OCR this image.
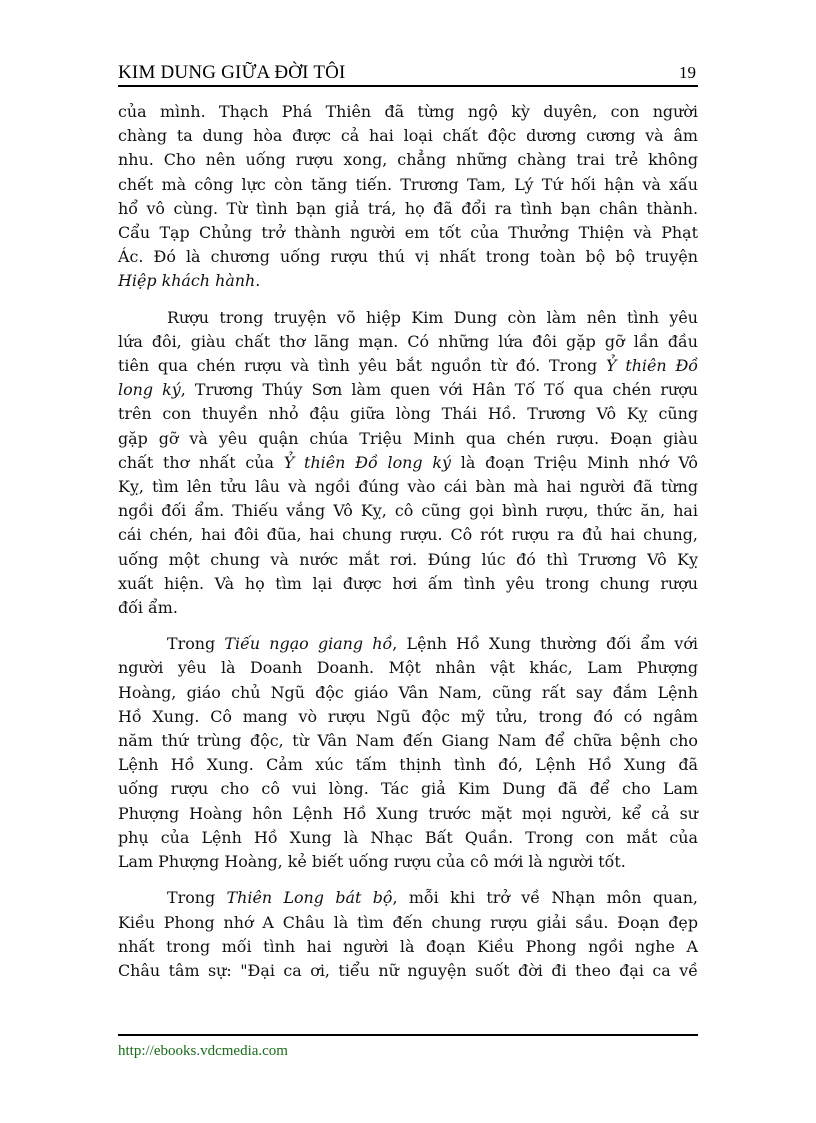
KIM DUNG GIỮA ĐỜI TÔI	19
của mình. Thạch Phá Thiên đã từng ngộ kỳ duyên, con người
chàng ta dung hòa được cả hai loại chất độc dương cương và âm
nhu. Cho nên uống rượu xong, chẳng những chàng trai trẻ không
chết mà công lực còn tăng tiến. Trương Tam, Lý Tứ hối hận và xấu
hổ vô cùng. Từ tình bạn giả trá, họ đã đổi ra tình bạn chân thành.
Cẩu Tạp Chủng trở thành người em tốt của Thưởng Thiện và Phạt
Ác. Đó là chương uống rượu thú vị nhất trong toàn bộ bộ truyện
Hiệp khách hành.
Rượu trong truyện võ hiệp Kim Dung còn làm nên tình yêu
lứa đôi, giàu chất thơ lãng mạn. Có những lứa đôi gặp gỡ lần đầu
tiên qua chén rượu và tình yêu bắt nguồn từ đó. Trong Ỷ thiên Đồ
long ký, Trương Thúy Sơn làm quen với Hân Tố Tố qua chén rượu
trên con thuyền nhỏ đậu giữa lòng Thái Hồ. Trương Vô Kỵ cũng
gặp gỡ và yêu quận chúa Triệu Minh qua chén rượu. Đoạn giàu
chất thơ nhất của Ỷ thiên Đồ long ký là đoạn Triệu Minh nhớ Vô
Kỵ, tìm lên tửu lâu và ngồi đúng vào cái bàn mà hai người đã từng
ngồi đối ẩm. Thiếu vắng Vô Kỵ, cô cũng gọi bình rượu, thức ăn, hai
cái chén, hai đôi đũa, hai chung rượu. Cô rót rượu ra đủ hai chung,
uống một chung và nước mắt rơi. Đúng lúc đó thì Trương Vô Kỵ
xuất hiện. Và họ tìm lại được hơi ấm tình yêu trong chung rượu
đối ẩm.
Trong Tiếu ngạo giang hồ, Lệnh Hồ Xung thường đối ẩm với
người yêu là Doanh Doanh. Một nhân vật khác, Lam Phượng
Hoàng, giáo chủ Ngũ độc giáo Vân Nam, cũng rất say đắm Lệnh
Hồ Xung. Cô mang vò rượu Ngũ độc mỹ tửu, trong đó có ngâm
năm thứ trùng độc, từ Vân Nam đến Giang Nam để chữa bệnh cho
Lệnh Hồ Xung. Cảm xúc tấm thịnh tình đó, Lệnh Hồ Xung đã
uống rượu cho cô vui lòng. Tác giả Kim Dung đã để cho Lam
Phượng Hoàng hôn Lệnh Hồ Xung trước mặt mọi người, kể cả sư
phụ của Lệnh Hồ Xung là Nhạc Bất Quần. Trong con mắt của
Lam Phượng Hoàng, kẻ biết uống rượu của cô mới là người tốt.
Trong Thiên Long bát bộ, mỗi khi trở về Nhạn môn quan,
Kiều Phong nhớ A Châu là tìm đến chung rượu giải sầu. Đoạn đẹp
nhất trong mối tình hai người là đoạn Kiều Phong ngồi nghe A
Châu tâm sự: "Đại ca ơi, tiểu nữ nguyện suốt đời đi theo đại ca về
http://ebooks.vdcmedia.com
